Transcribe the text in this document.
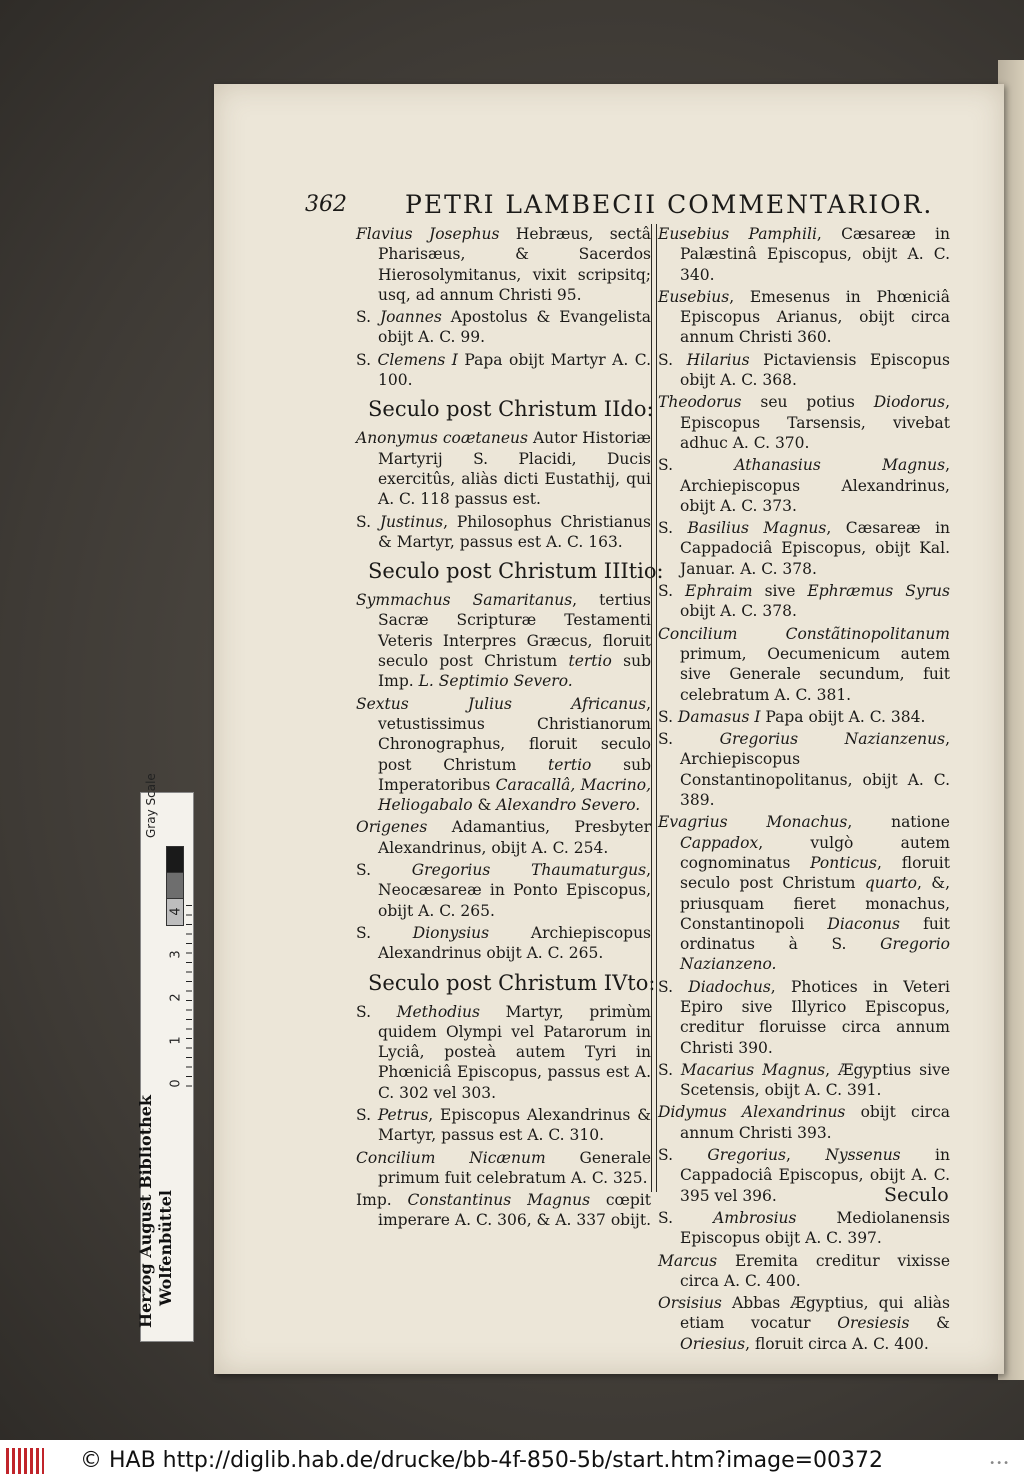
362 PETRI LAMBECII COMMENTARIOR.
Flavius Josephus Hebræus, sectâ Pharisæus, & Sacerdos Hierosolymitanus, vixit scripsitq; usq, ad annum Christi 95.
S. Joannes Apostolus & Evangelista obijt A. C. 99.
S. Clemens I Papa obijt Martyr A. C. 100.
Seculo post Christum IIdo:
Anonymus coætaneus Autor Historiæ Martyrij S. Placidi, Ducis exercitûs, aliàs dicti Eustathij, qui A. C. 118 passus est.
S. Justinus, Philosophus Christianus & Martyr, passus est A. C. 163.
Seculo post Christum IIItio:
Symmachus Samaritanus, tertius Sacræ Scripturæ Testamenti Veteris Interpres Græcus, floruit seculo post Christum tertio sub Imp. L. Septimio Severo.
Sextus Julius Africanus, vetustissimus Christianorum Chronographus, floruit seculo post Christum tertio sub Imperatoribus Caracallâ, Macrino, Heliogabalo & Alexandro Severo.
Origenes Adamantius, Presbyter Alexandrinus, obijt A. C. 254.
S. Gregorius Thaumaturgus, Neocæsareæ in Ponto Episcopus, obijt A. C. 265.
S. Dionysius Archiepiscopus Alexandrinus obijt A. C. 265.
Seculo post Christum IVto:
S. Methodius Martyr, primùm quidem Olympi vel Patarorum in Lyciâ, posteà autem Tyri in Phœniciâ Episcopus, passus est A. C. 302 vel 303.
S. Petrus, Episcopus Alexandrinus & Martyr, passus est A. C. 310.
Concilium Nicænum Generale primum fuit celebratum A. C. 325.
Imp. Constantinus Magnus cœpit imperare A. C. 306, & A. 337 obijt.
Eusebius Pamphili, Cæsareæ in Palæstinâ Episcopus, obijt A. C. 340.
Eusebius, Emesenus in Phœniciâ Episcopus Arianus, obijt circa annum Christi 360.
S. Hilarius Pictaviensis Episcopus obijt A. C. 368.
Theodorus seu potius Diodorus, Episcopus Tarsensis, vivebat adhuc A. C. 370.
S. Athanasius Magnus, Archiepiscopus Alexandrinus, obijt A. C. 373.
S. Basilius Magnus, Cæsareæ in Cappadociâ Episcopus, obijt Kal. Januar. A. C. 378.
S. Ephraim sive Ephræmus Syrus obijt A. C. 378.
Concilium Constãtinopolitanum primum, Oecumenicum autem sive Generale secundum, fuit celebratum A. C. 381.
S. Damasus I Papa obijt A. C. 384.
S. Gregorius Nazianzenus, Archiepiscopus Constantinopolitanus, obijt A. C. 389.
Evagrius Monachus, natione Cappadox, vulgò autem cognominatus Ponticus, floruit seculo post Christum quarto, &, priusquam fieret monachus, Constantinopoli Diaconus fuit ordinatus à S. Gregorio Nazianzeno.
S. Diadochus, Photices in Veteri Epiro sive Illyrico Episcopus, creditur floruisse circa annum Christi 390.
S. Macarius Magnus, Ægyptius sive Scetensis, obijt A. C. 391.
Didymus Alexandrinus obijt circa annum Christi 393.
S. Gregorius, Nyssenus in Cappadociâ Episcopus, obijt A. C. 395 vel 396.
S. Ambrosius Mediolanensis Episcopus obijt A. C. 397.
Marcus Eremita creditur vixisse circa A. C. 400.
Orsisius Abbas Ægyptius, qui aliàs etiam vocatur Oresiesis & Oriesius, floruit circa A. C. 400.
Seculo
Gray Scale
4
3
2
1
0
Herzog August Bibliothek Wolfenbüttel
© HAB http://diglib.hab.de/drucke/bb-4f-850-5b/start.htm?image=00372	•••
